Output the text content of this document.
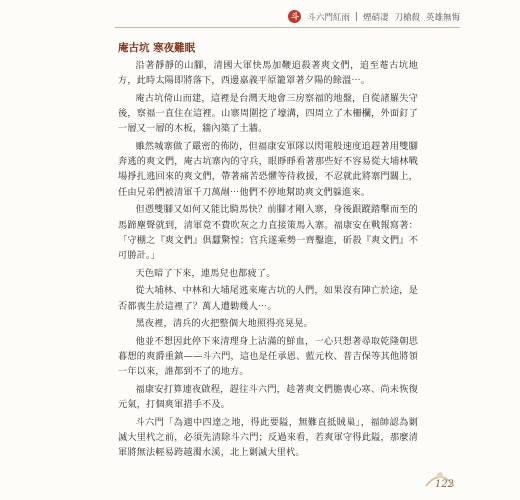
斗 斗六門紅雨 煙硝凄 刀槍殺 英雄無悔
庵古坑 寒夜難眠

沿著靜靜的山腳，清國大軍快馬加鞭追殺著爽文們，追至菴古坑地方，此時太陽即將落下，西邊嘉義平原籠罩著夕陽的餘溫⋯。

庵古坑倚山而建，這裡是台灣天地會三房察福的地盤，自從諸羅失守後，察福一直住在這裡。山寨周圍挖了壕溝，四周立了木柵欄，外面釘了一層又一層的木板，牆內築了土牆。

雖然城寨做了嚴密的佈防，但福康安軍隊以閃電般速度追趕著用雙腳奔逃的爽文們，庵古坑寨內的守兵，眼睜睜看著那些好不容易從大埔林戰場掙扎逃回來的爽文們，帶著痛苦恐懼等待救援，不忍就此將寨門關上，任由兄弟們被清軍千刀萬剮⋯他們不停地幫助爽文們躲進來。

但憑雙腳又如何又能比騎馬快？前腳才剛入寨，身後跟蹤踏擊而至的馬蹄塵聲就到，清軍竟不費吹灰之力直接策馬入寨。福康安在戰報寫著：「守棚之『爽文們』俱蠶驚惶；官兵遂乘勢一齊鑿進，斫殺『爽文們』不可勝計。」

天色暗了下來，連馬兒也都疲了。

從大埔林、中林和大埔尾逃來庵古坑的人們，如果沒有陣亡於途，是否都喪生於這裡了？萬人遭勦幾人⋯。

黑夜裡，清兵的火把整個大地照得亮晃晃。

他並不想因此停下來清理身上沾滿的鮮血，一心只想著尋取乾隆朝思暮想的爽爵重鎮——斗六門，這也是任承恩、藍元枚、普吉保等其他將領一年以來，誰都到不了的地方。

福康安打算連夜啟程，趕往斗六門，趁著爽文們膽喪心寒、尚未恢復元氣，打個爽軍措手不及。

斗六門「為適中四達之地，得此要隘，無難直抵賊巢」，福帥認為剿滅大里杙之前，必須先清除斗六門；反過來看，若爽軍守得此隘，那麼清軍將無法輕易跨越濁水溪，北上剿滅大里杙。

122
